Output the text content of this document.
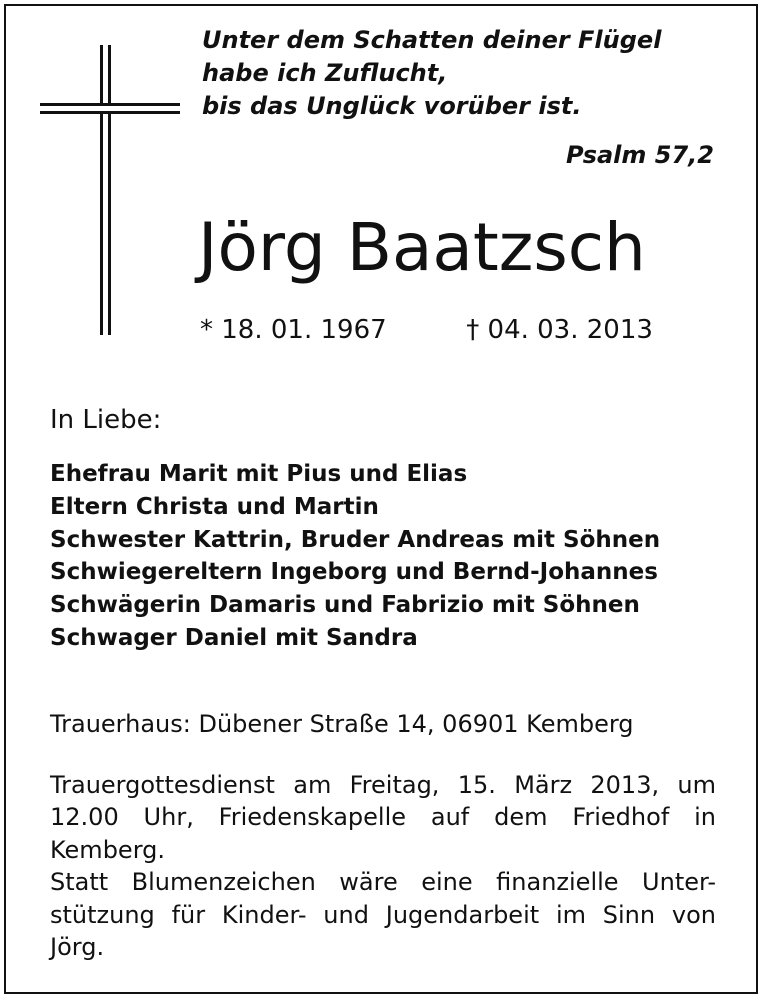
Unter dem Schatten deiner Flügel
habe ich Zuflucht,
bis das Unglück vorüber ist.
Psalm 57,2
Jörg Baatzsch
* 18. 01. 1967	† 04. 03. 2013
In Liebe:
Ehefrau Marit mit Pius und Elias
Eltern Christa und Martin
Schwester Kattrin, Bruder Andreas mit Söhnen
Schwiegereltern Ingeborg und Bernd-Johannes
Schwägerin Damaris und Fabrizio mit Söhnen
Schwager Daniel mit Sandra
Trauerhaus: Dübener Straße 14, 06901 Kemberg
Trauergottesdienst am Freitag, 15. März 2013, um
12.00 Uhr, Friedenskapelle auf dem Friedhof in
Kemberg.
Statt Blumenzeichen wäre eine finanzielle Unter-
stützung für Kinder- und Jugendarbeit im Sinn von
Jörg.
